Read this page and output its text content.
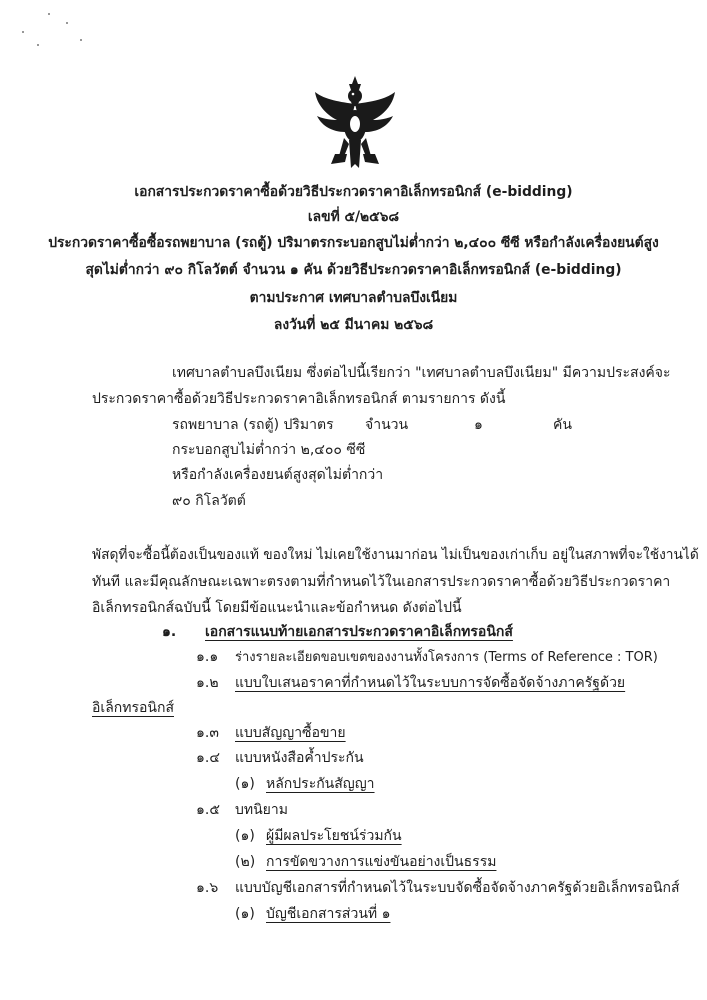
เอกสารประกวดราคาซื้อด้วยวิธีประกวดราคาอิเล็กทรอนิกส์ (e-bidding)
เลขที่ ๕/๒๕๖๘
ประกวดราคาซื้อซื้อรถพยาบาล (รถตู้) ปริมาตรกระบอกสูบไม่ต่ำกว่า ๒,๔๐๐ ซีซี หรือกำลังเครื่องยนต์สูง
สุดไม่ต่ำกว่า ๙๐ กิโลวัตต์ จำนวน ๑ คัน ด้วยวิธีประกวดราคาอิเล็กทรอนิกส์ (e-bidding)
ตามประกาศ เทศบาลตำบลบึงเนียม
ลงวันที่ ๒๕ มีนาคม ๒๕๖๘
เทศบาลตำบลบึงเนียม ซึ่งต่อไปนี้เรียกว่า "เทศบาลตำบลบึงเนียม" มีความประสงค์จะ
ประกวดราคาซื้อด้วยวิธีประกวดราคาอิเล็กทรอนิกส์ ตามรายการ ดังนี้
รถพยาบาล (รถตู้) ปริมาตร จำนวน	๑	คัน
กระบอกสูบไม่ต่ำกว่า ๒,๔๐๐ ซีซี
หรือกำลังเครื่องยนต์สูงสุดไม่ต่ำกว่า
๙๐ กิโลวัตต์
พัสดุที่จะซื้อนี้ต้องเป็นของแท้ ของใหม่ ไม่เคยใช้งานมาก่อน ไม่เป็นของเก่าเก็บ อยู่ในสภาพที่จะใช้งานได้
ทันที และมีคุณลักษณะเฉพาะตรงตามที่กำหนดไว้ในเอกสารประกวดราคาซื้อด้วยวิธีประกวดราคา
อิเล็กทรอนิกส์ฉบับนี้ โดยมีข้อแนะนำและข้อกำหนด ดังต่อไปนี้
๑. เอกสารแนบท้ายเอกสารประกวดราคาอิเล็กทรอนิกส์
๑.๑ ร่างรายละเอียดขอบเขตของงานทั้งโครงการ (Terms of Reference : TOR)
๑.๒ แบบใบเสนอราคาที่กำหนดไว้ในระบบการจัดซื้อจัดจ้างภาครัฐด้วย
อิเล็กทรอนิกส์
๑.๓ แบบสัญญาซื้อขาย
๑.๔ แบบหนังสือค้ำประกัน
(๑) หลักประกันสัญญา
๑.๕ บทนิยาม
(๑) ผู้มีผลประโยชน์ร่วมกัน
(๒) การขัดขวางการแข่งขันอย่างเป็นธรรม
๑.๖ แบบบัญชีเอกสารที่กำหนดไว้ในระบบจัดซื้อจัดจ้างภาครัฐด้วยอิเล็กทรอนิกส์
(๑) บัญชีเอกสารส่วนที่ ๑
